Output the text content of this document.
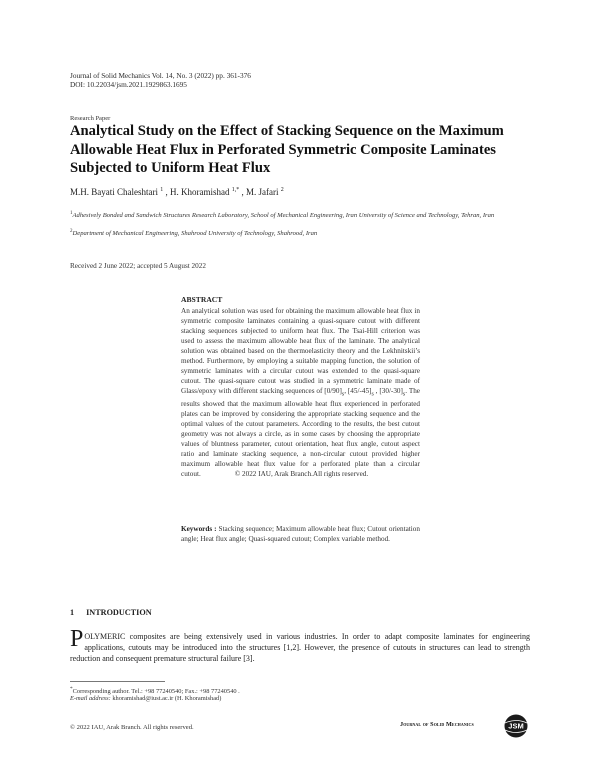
Journal of Solid Mechanics Vol. 14, No. 3 (2022) pp. 361-376
DOI: 10.22034/jsm.2021.1929863.1695
Research Paper
Analytical Study on the Effect of Stacking Sequence on the Maximum Allowable Heat Flux in Perforated Symmetric Composite Laminates Subjected to Uniform Heat Flux
M.H. Bayati Chaleshtari $^1$ , H. Khoramishad $^{1,*}$ , M. Jafari $^2$
$^1$Adhesively Bonded and Sandwich Structures Research Laboratory, School of Mechanical Engineering, Iran University of Science and Technology, Tehran, Iran
$^2$Department of Mechanical Engineering, Shahrood University of Technology, Shahrood, Iran
Received 2 June 2022; accepted 5 August 2022
ABSTRACT
An analytical solution was used for obtaining the maximum allowable heat flux in symmetric composite laminates containing a quasi-square cutout with different stacking sequences subjected to uniform heat flux. The Tsai-Hill criterion was used to assess the maximum allowable heat flux of the laminate. The analytical solution was obtained based on the thermoelasticity theory and the Lekhnitskii’s method. Furthermore, by employing a suitable mapping function, the solution of symmetric laminates with a circular cutout was extended to the quasi-square cutout. The quasi-square cutout was studied in a symmetric laminate made of Glass/epoxy with different stacking sequences of $[0/90]_s$, $[45/-45]_s$ , $[30/-30]_s$. The results showed that the maximum allowable heat flux experienced in perforated plates can be improved by considering the appropriate stacking sequence and the optimal values of the cutout parameters. According to the results, the best cutout geometry was not always a circle, as in some cases by choosing the appropriate values of bluntness parameter, cutout orientation, heat flux angle, cutout aspect ratio and laminate stacking sequence, a non-circular cutout provided higher maximum allowable heat flux value for a perforated plate than a circular cutout.	© 2022 IAU, Arak Branch.All rights reserved.
Keywords : Stacking sequence; Maximum allowable heat flux; Cutout orientation angle; Heat flux angle; Quasi-squared cutout; Complex variable method.
1 INTRODUCTION
POLYMERIC composites are being extensively used in various industries. In order to adapt composite laminates for engineering applications, cutouts may be introduced into the structures [1,2]. However, the presence of cutouts in structures can lead to strength reduction and consequent premature structural failure [3].
*Corresponding author. Tel.: +98 77240540; Fax.: +98 77240540 .
E-mail address: khoramishad@iust.ac.ir (H. Khoramishad)
© 2022 IAU, Arak Branch. All rights reserved.	Journal of Solid Mechanics	JSM
